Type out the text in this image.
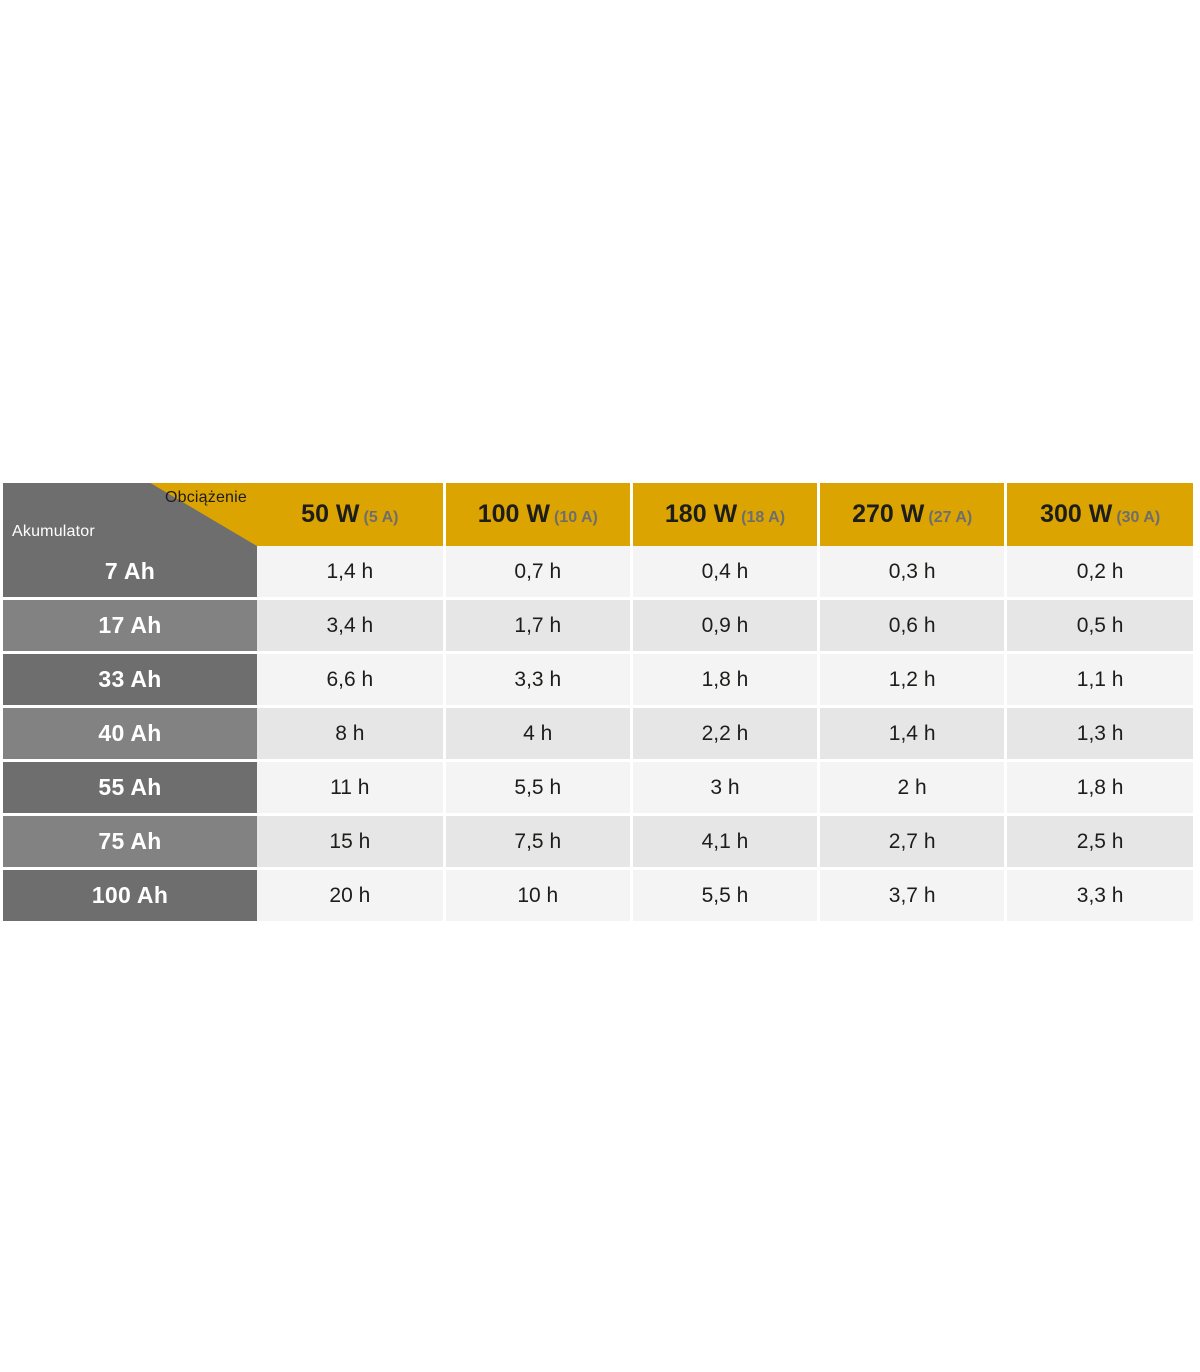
Obciążenie
Akumulator	50 W (5 A)	100 W (10 A)	180 W (18 A)	270 W (27 A)	300 W (30 A)
7 Ah	1,4 h	0,7 h	0,4 h	0,3 h	0,2 h
17 Ah	3,4 h	1,7 h	0,9 h	0,6 h	0,5 h
33 Ah	6,6 h	3,3 h	1,8 h	1,2 h	1,1 h
40 Ah	8 h	4 h	2,2 h	1,4 h	1,3 h
55 Ah	11 h	5,5 h	3 h	2 h	1,8 h
75 Ah	15 h	7,5 h	4,1 h	2,7 h	2,5 h
100 Ah	20 h	10 h	5,5 h	3,7 h	3,3 h
